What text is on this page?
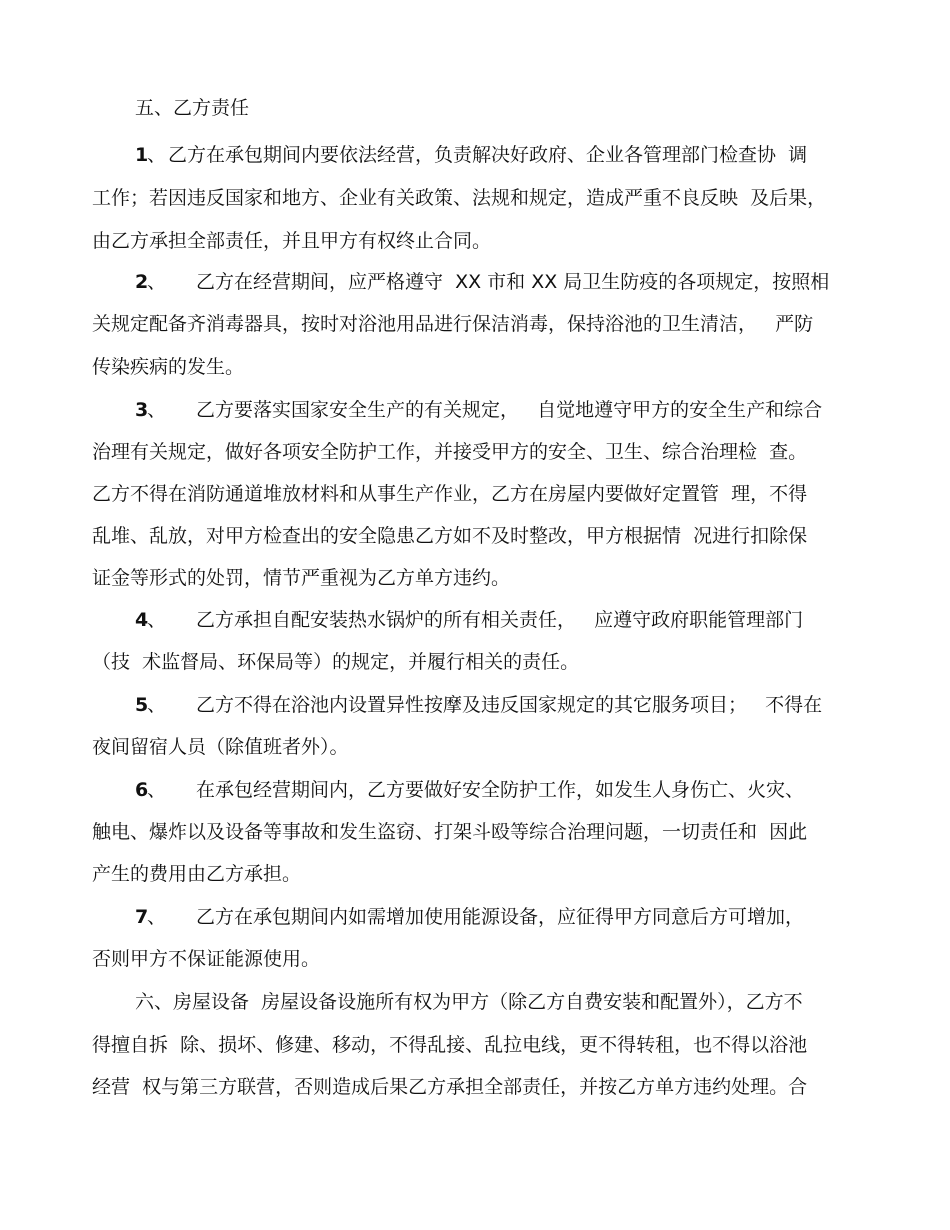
五、乙方责任
1
、 乙方在承包期间内要依法经营，负责解决好政府、企业各管理部门检查协  调
工作；若因违反国家和地方、企业有关政策、法规和规定，造成严重不良反映  及后果，
由乙方承担全部责任，并且甲方有权终止合同。
2
、 乙方在经营期间，应严格遵守  XX 市和 XX 局卫生防疫的各项规定，按照相
关规定配备齐消毒器具，按时对浴池用品进行保洁消毒，保持浴池的卫生清洁，   严防
传染疾病的发生。
3
、 乙方要落实国家安全生产的有关规定，   自觉地遵守甲方的安全生产和综合
治理有关规定，做好各项安全防护工作，并接受甲方的安全、卫生、综合治理检  查。
乙方不得在消防通道堆放材料和从事生产作业，乙方在房屋内要做好定置管  理，不得
乱堆、乱放，对甲方检查出的安全隐患乙方如不及时整改，甲方根据情  况进行扣除保
证金等形式的处罚，情节严重视为乙方单方违约。
4
、 乙方承担自配安装热水锅炉的所有相关责任，   应遵守政府职能管理部门
（技  术监督局、环保局等）的规定，并履行相关的责任。
5
、 乙方不得在浴池内设置异性按摩及违反国家规定的其它服务项目；   不得在
夜间留宿人员（除值班者外）。
6
、 在承包经营期间内，乙方要做好安全防护工作，如发生人身伤亡、火灾、
触电、爆炸以及设备等事故和发生盗窃、打架斗殴等综合治理问题，一切责任和  因此
产生的费用由乙方承担。
7
、 乙方在承包期间内如需增加使用能源设备，应征得甲方同意后方可增加，
否则甲方不保证能源使用。
六、房屋设备  房屋设备设施所有权为甲方（除乙方自费安装和配置外），乙方不
得擅自拆  除、损坏、修建、移动，不得乱接、乱拉电线，更不得转租，也不得以浴池
经营  权与第三方联营，否则造成后果乙方承担全部责任，并按乙方单方违约处理。合
